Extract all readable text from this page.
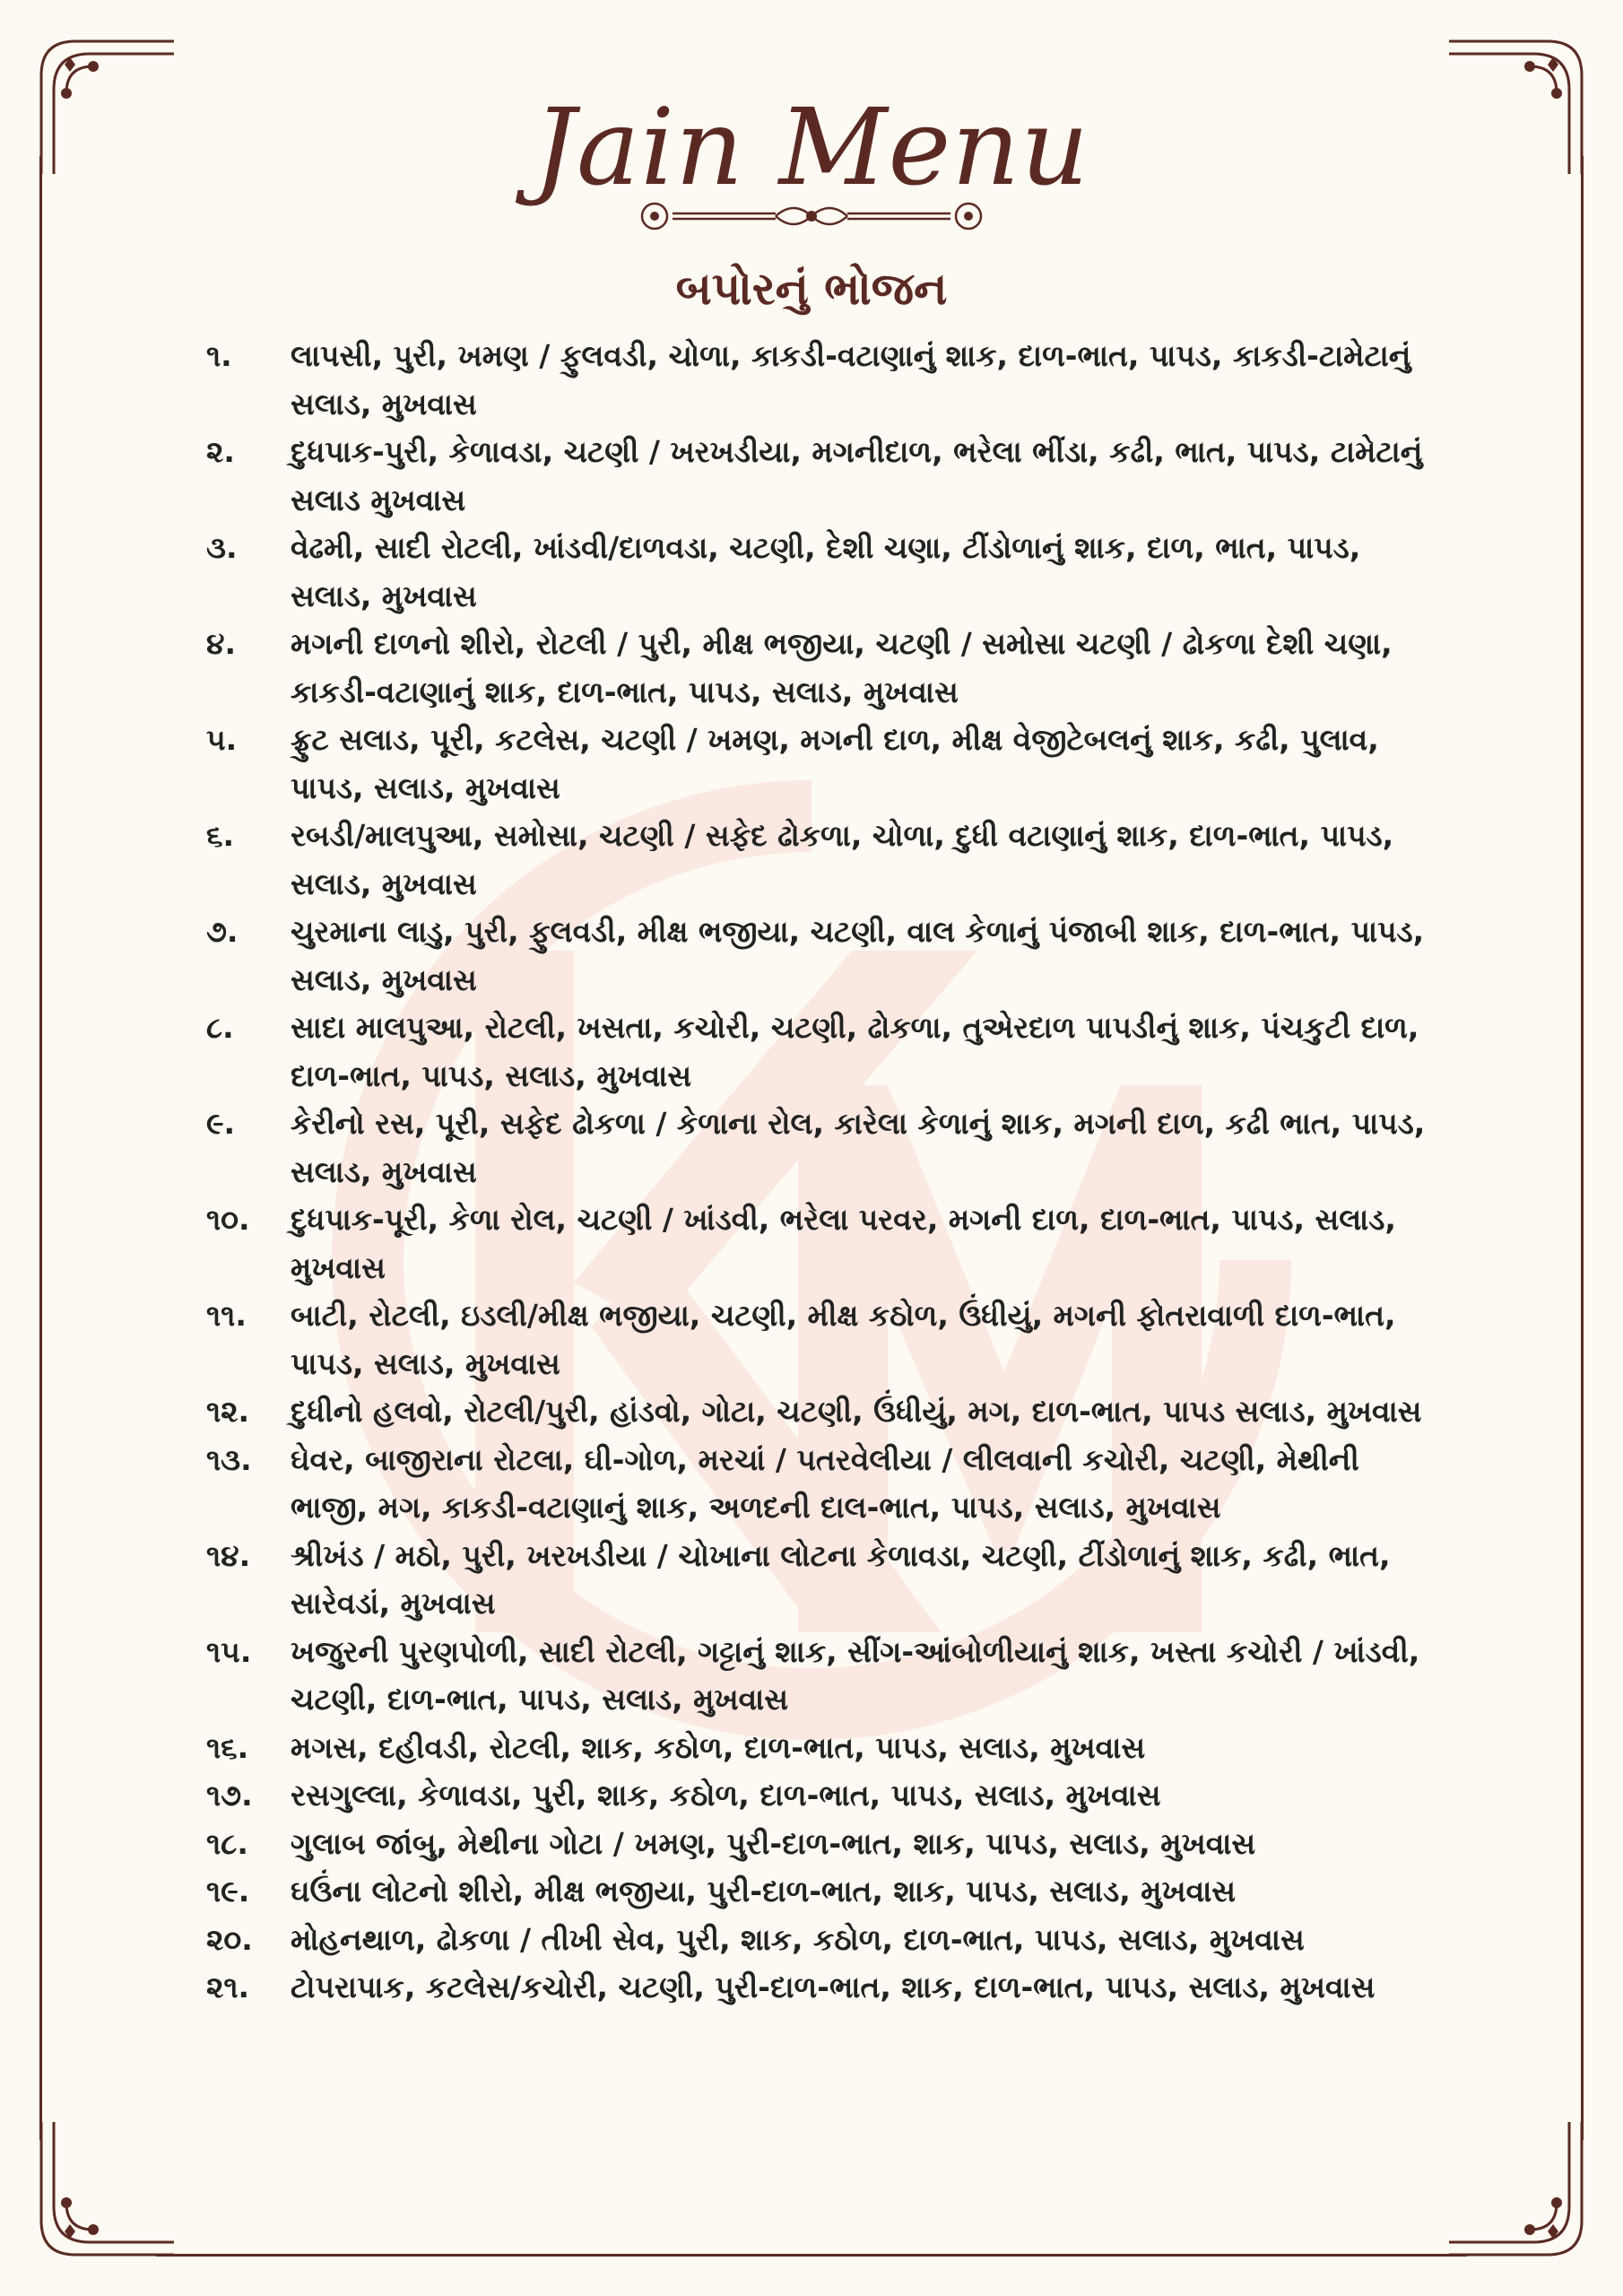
Jain Menu
બપોરનું ભોજન
૧.	લાપસી, પુરી, ખમણ / ફુલવડી, ચોળા, કાકડી-વટાણાનું શાક, દાળ-ભાત, પાપડ, કાકડી-ટામેટાનું સલાડ, મુખવાસ
૨.	દુધપાક-પુરી, કેળાવડા, ચટણી / ખરખડીયા, મગનીદાળ, ભરેલા ભીંડા, કઢી, ભાત, પાપડ, ટામેટાનું સલાડ મુખવાસ
૩.	વેઢમી, સાદી રોટલી, ખાંડવી/દાળવડા, ચટણી, દેશી ચણા, ટીંડોળાનું શાક, દાળ, ભાત, પાપડ, સલાડ, મુખવાસ
૪.	મગની દાળનો શીરો, રોટલી / પુરી, મીક્ષ ભજીયા, ચટણી / સમોસા ચટણી / ઢોકળા દેશી ચણા, કાકડી-વટાણાનું શાક, દાળ-ભાત, પાપડ, સલાડ, મુખવાસ
૫.	ફ્રુટ સલાડ, પૂરી, કટલેસ, ચટણી / ખમણ, મગની દાળ, મીક્ષ વેજીટેબલનું શાક, કઢી, પુલાવ, પાપડ, સલાડ, મુખવાસ
૬.	રબડી/માલપુઆ, સમોસા, ચટણી / સફેદ ઢોકળા, ચોળા, દુધી વટાણાનું શાક, દાળ-ભાત, પાપડ, સલાડ, મુખવાસ
૭.	ચુરમાના લાડુ, પુરી, ફુલવડી, મીક્ષ ભજીયા, ચટણી, વાલ કેળાનું પંજાબી શાક, દાળ-ભાત, પાપડ, સલાડ, મુખવાસ
૮.	સાદા માલપુઆ, રોટલી, ખસતા, કચોરી, ચટણી, ઢોકળા, તુએરદાળ પાપડીનું શાક, પંચકુટી દાળ, દાળ-ભાત, પાપડ, સલાડ, મુખવાસ
૯.	કેરીનો રસ, પૂરી, સફેદ ઢોકળા / કેળાના રોલ, કારેલા કેળાનું શાક, મગની દાળ, કઢી ભાત, પાપડ, સલાડ, મુખવાસ
૧૦.	દુધપાક-પૂરી, કેળા રોલ, ચટણી / ખાંડવી, ભરેલા પરવર, મગની દાળ, દાળ-ભાત, પાપડ, સલાડ, મુખવાસ
૧૧.	બાટી, રોટલી, ઇડલી/મીક્ષ ભજીયા, ચટણી, મીક્ષ કઠોળ, ઉંધીયું, મગની ફોતરાવાળી દાળ-ભાત, પાપડ, સલાડ, મુખવાસ
૧૨.	દુધીનો હલવો, રોટલી/પુરી, હાંડવો, ગોટા, ચટણી, ઉંધીયું, મગ, દાળ-ભાત, પાપડ સલાડ, મુખવાસ
૧૩.	ઘેવર, બાજીરાના રોટલા, ઘી-ગોળ, મરચાં / પતરવેલીયા / લીલવાની કચોરી, ચટણી, મેથીની ભાજી, મગ, કાકડી-વટાણાનું શાક, અળદની દાલ-ભાત, પાપડ, સલાડ, મુખવાસ
૧૪.	શ્રીખંડ / મઠો, પુરી, ખરખડીયા / ચોખાના લોટના કેળાવડા, ચટણી, ટીંડોળાનું શાક, કઢી, ભાત, સારેવડાં, મુખવાસ
૧૫.	ખજુરની પુરણપોળી, સાદી રોટલી, ગટ્ટાનું શાક, સીંગ-આંબોળીયાનું શાક, ખસ્તા કચોરી / ખાંડવી, ચટણી, દાળ-ભાત, પાપડ, સલાડ, મુખવાસ
૧૬.	મગસ, દહીવડી, રોટલી, શાક, કઠોળ, દાળ-ભાત, પાપડ, સલાડ, મુખવાસ
૧૭.	રસગુલ્લા, કેળાવડા, પુરી, શાક, કઠોળ, દાળ-ભાત, પાપડ, સલાડ, મુખવાસ
૧૮.	ગુલાબ જાંબુ, મેથીના ગોટા / ખમણ, પુરી-દાળ-ભાત, શાક, પાપડ, સલાડ, મુખવાસ
૧૯.	ઘઉંના લોટનો શીરો, મીક્ષ ભજીયા, પુરી-દાળ-ભાત, શાક, પાપડ, સલાડ, મુખવાસ
૨૦.	મોહનથાળ, ઢોકળા / તીખી સેવ, પુરી, શાક, કઠોળ, દાળ-ભાત, પાપડ, સલાડ, મુખવાસ
૨૧.	ટોપરાપાક, કટલેસ/કચોરી, ચટણી, પુરી-દાળ-ભાત, શાક, દાળ-ભાત, પાપડ, સલાડ, મુખવાસ
